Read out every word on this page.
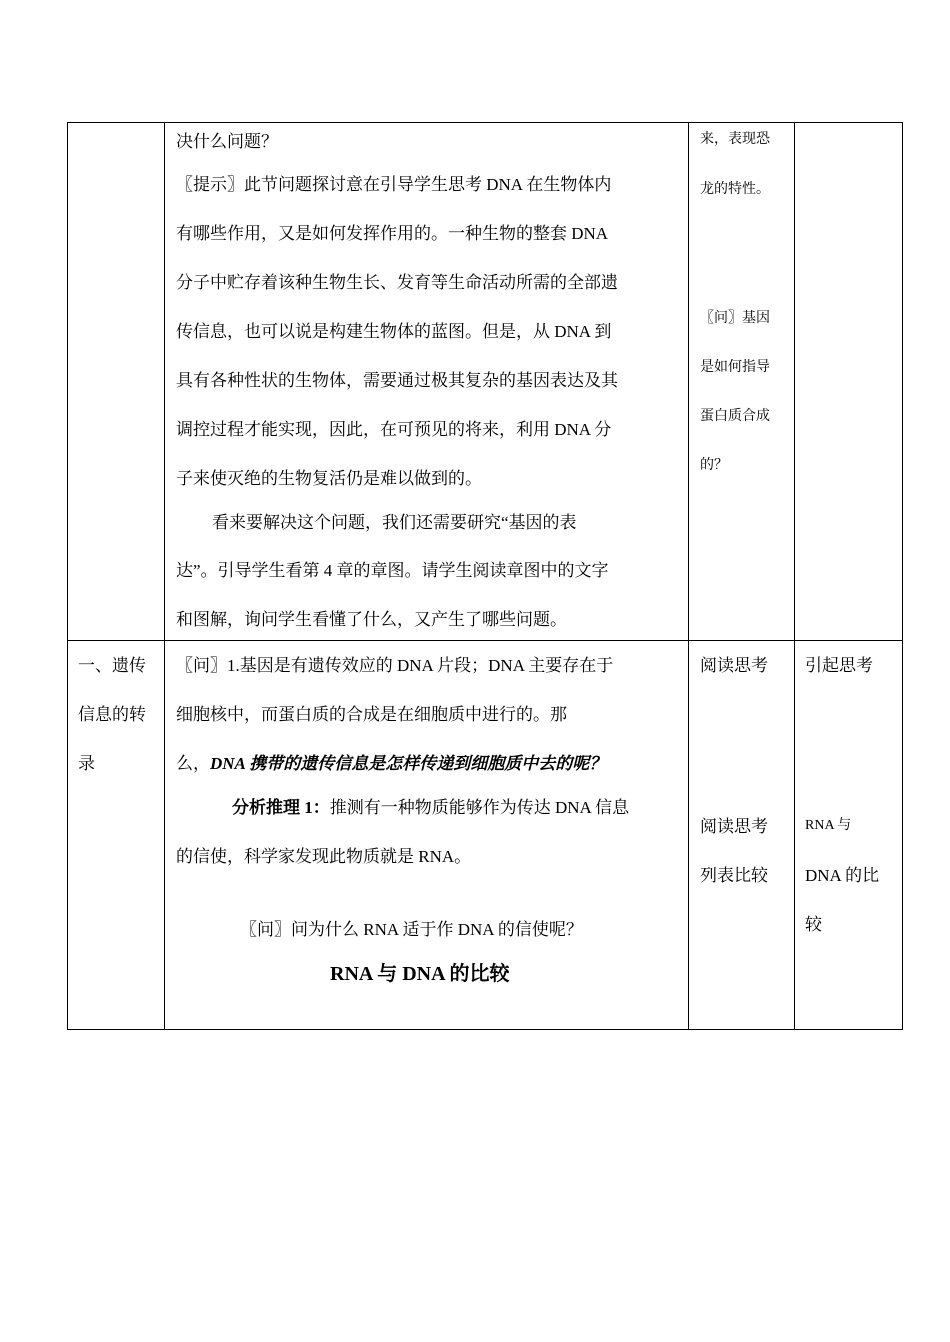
决什么问题？
〖提示〗此节问题探讨意在引导学生思考 DNA 在生物体内
有哪些作用，又是如何发挥作用的。一种生物的整套 DNA
分子中贮存着该种生物生长、发育等生命活动所需的全部遗
传信息，也可以说是构建生物体的蓝图。但是，从 DNA 到
具有各种性状的生物体，需要通过极其复杂的基因表达及其
调控过程才能实现，因此，在可预见的将来，利用 DNA 分
子来使灭绝的生物复活仍是难以做到的。
看来要解决这个问题，我们还需要研究“基因的表
达”。引导学生看第 4 章的章图。请学生阅读章图中的文字
和图解，询问学生看懂了什么，又产生了哪些问题。
来，表现恐
龙的特性。
〖问〗基因
是如何指导
蛋白质合成
的？
一、遗传
信息的转
录
〖问〗1.基因是有遗传效应的 DNA 片段；DNA 主要存在于
细胞核中，而蛋白质的合成是在细胞质中进行的。那
么，DNA 携带的遗传信息是怎样传递到细胞质中去的呢？
分析推理 1：推测有一种物质能够作为传达 DNA 信息
的信使，科学家发现此物质就是 RNA。
〖问〗问为什么 RNA 适于作 DNA 的信使呢？
RNA 与 DNA 的比较
阅读思考
阅读思考
列表比较
引起思考
RNA 与
DNA 的比
较
